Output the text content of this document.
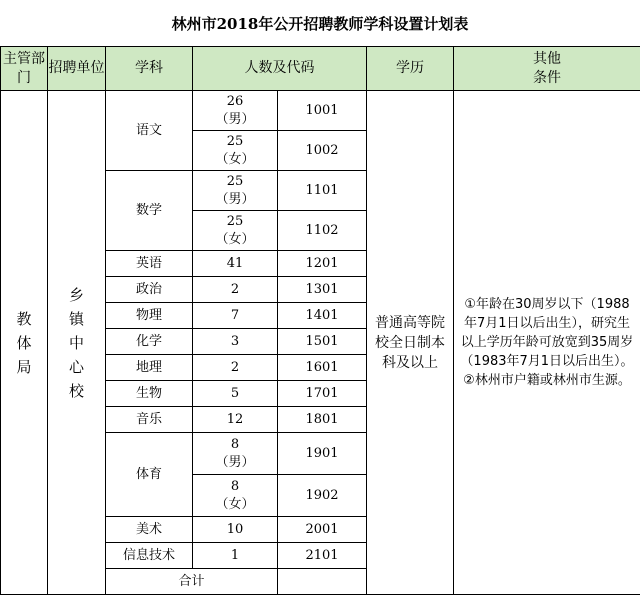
林州市2018年公开招聘教师学科设置计划表
主管部门	招聘单位	学科	人数及代码		学历	其他条件	

教体局	乡镇中心校	语文	26
（男）	1001	普通高等院校全日制本科及以上	①年龄在30周岁以下（1988年7月1日以后出生），研究生以上学历年龄可放宽到35周岁（1983年7月1日以后出生）。
②林州市户籍或林州市生源。	

			25
（女）	1002			
		数学	25
（男）	1101			

			25
（女）	1102			
		英语	41	1201			
		政治	2	1301			
		物理	7	1401			
		化学	3	1501			
		地理	2	1601			
		生物	5	1701			
		音乐	12	1801			
		体育	8
（男）	1901			

			8
（女）	1902			
		美术	10	2001			
		信息技术	1	2101			
		合计		
